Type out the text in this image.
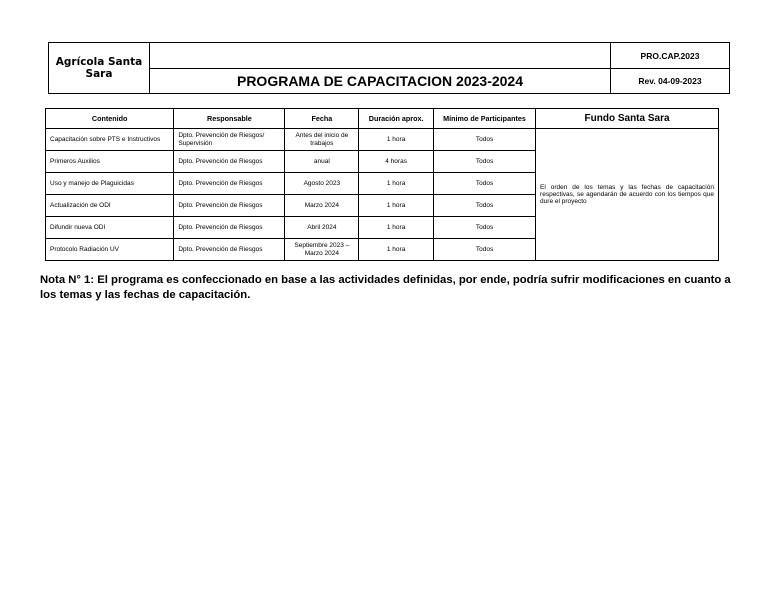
Agrícola Santa Sara		PRO.CAP.2023
	PROGRAMA DE CAPACITACION 2023-2024	Rev. 04-09-2023
Contenido	Responsable	Fecha	Duración aprox.	Mínimo de Participantes	Fundo Santa Sara
Capacitación sobre PTS e Instructivos	Dpto. Prevención de Riesgos/ Supervisión	Antes del inicio de trabajos	1 hora	Todos	El orden de los temas y las fechas de capacitación respectivas, se agendarán de acuerdo con los tiempos que dure el proyecto
Primeros Auxilios	Dpto. Prevención de Riesgos	anual	4 horas	Todos	
Uso y manejo de Plaguicidas	Dpto. Prevención de Riesgos	Agosto 2023	1 hora	Todos	
Actualización de ODI	Dpto. Prevención de Riesgos	Marzo 2024	1 hora	Todos	
Difundir nueva ODI	Dpto. Prevención de Riesgos	Abril 2024	1 hora	Todos	
Protocolo Radiación UV	Dpto. Prevención de Riesgos	Septiembre 2023 – Marzo 2024	1 hora	Todos	
Nota N° 1: El programa es confeccionado en base a las actividades definidas, por ende, podría sufrir modificaciones en cuanto a los temas y las fechas de capacitación.
